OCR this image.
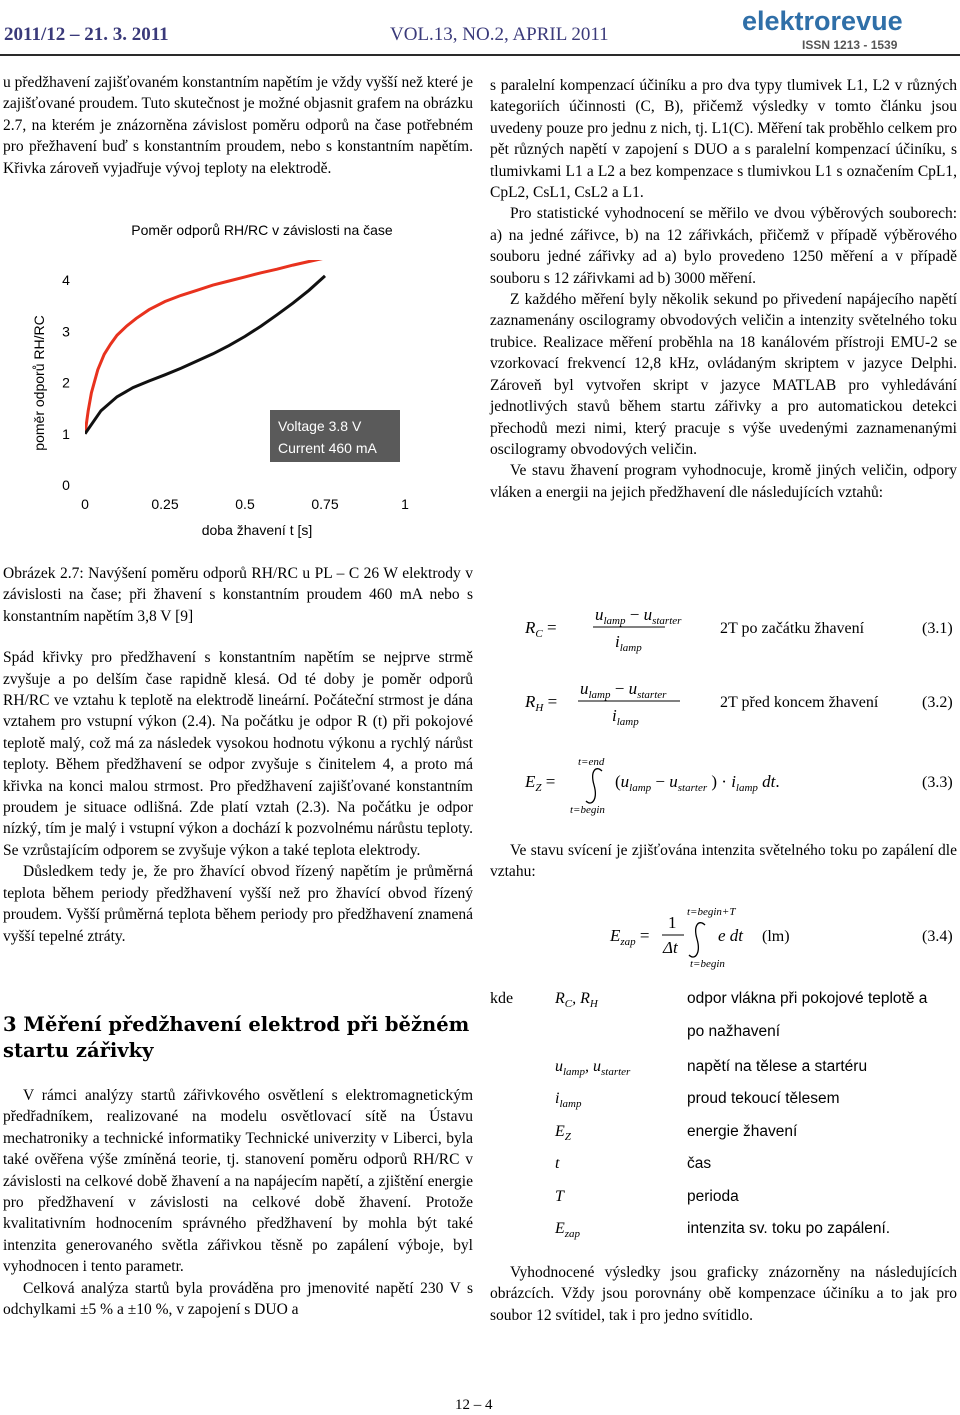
2011/12 – 21. 3. 2011	VOL.13, NO.2, APRIL 2011	elektrorevue
ISSN 1213 - 1539

u předžhavení zajišťovaném konstantním napětím je vždy vyšší než které je zajišťované proudem. Tuto skutečnost je možné objasnit grafem na obrázku 2.7, na kterém je znázorněna závislost poměru odporů na čase potřebném pro přežhavení buď s konstantním proudem, nebo s konstantním napětím. Křivka zároveň vyjadřuje vývoj teploty na elektrodě.

Poměr odporů RH/RC v závislosti na čase
poměr odporů RH/RC
doba žhavení t [s]
0
1
2
3
4
0	0.25	0.5	0.75	1
Voltage 3.8 V
Current 460 mA

Obrázek 2.7: Navýšení poměru odporů RH/RC u PL – C 26 W elektrody v závislosti na čase; při žhavení s konstantním proudem 460 mA nebo s konstantním napětím 3,8 V [9]

Spád křivky pro předžhavení s konstantním napětím se nejprve strmě zvyšuje a po delším čase rapidně klesá. Od té doby je poměr odporů RH/RC ve vztahu k teplotě na elektrodě lineární. Počáteční strmost je dána vztahem pro vstupní výkon (2.4). Na počátku je odpor R (t) při pokojové teplotě malý, což má za následek vysokou hodnotu výkonu a rychlý nárůst teploty. Během předžhavení se odpor zvyšuje s činitelem 4, a proto má křivka na konci malou strmost. Pro předžhavení zajišťované konstantním proudem je situace odlišná. Zde platí vztah (2.3). Na počátku je odpor nízký, tím je malý i vstupní výkon a dochází k pozvolnému nárůstu teploty. Se vzrůstajícím odporem se zvyšuje výkon a také teplota elektrody.

Důsledkem tedy je, že pro žhavící obvod řízený napětím je průměrná teplota během periody předžhavení vyšší než pro žhavící obvod řízený proudem. Vyšší průměrná teplota během periody pro předžhavení znamená vyšší tepelné ztráty.

3 Měření předžhavení elektrod při běžném startu zářivky

V rámci analýzy startů zářivkového osvětlení s elektromagnetickým předřadníkem, realizované na modelu osvětlovací sítě na Ústavu mechatroniky a technické informatiky Technické univerzity v Liberci, byla také ověřena výše zmíněná teorie, tj. stanovení poměru odporů RH/RC v závislosti na celkové době žhavení a na napájecím napětí, a zjištění energie pro předžhavení v závislosti na celkové době žhavení. Protože kvalitativním hodnocením správného předžhavení by mohla být také intenzita generovaného světla zářivkou těsně po zapálení výboje, byl vyhodnocen i tento parametr.

Celková analýza startů byla prováděna pro jmenovité napětí 230 V s odchylkami ±5 % a ±10 %, v zapojení s DUO a

s paralelní kompenzací účiníku a pro dva typy tlumivek L1, L2 v různých kategoriích účinnosti (C, B), přičemž výsledky v tomto článku jsou uvedeny pouze pro jednu z nich, tj. L1(C). Měření tak proběhlo celkem pro pět různých napětí v zapojení s DUO a s paralelní kompenzací účiníku, s tlumivkami L1 a L2 a bez kompenzace s tlumivkou L1 s označením CpL1, CpL2, CsL1, CsL2 a L1.

Pro statistické vyhodnocení se měřilo ve dvou výběrových souborech: a) na jedné zářivce, b) na 12 zářivkách, přičemž v případě výběrového souboru jedné zářivky ad a) bylo provedeno 1250 měření a v případě souboru s 12 zářivkami ad b) 3000 měření.

Z každého měření byly několik sekund po přivedení napájecího napětí zaznamenány oscilogramy obvodových veličin a intenzity světelného toku trubice. Realizace měření proběhla na 18 kanálovém přístroji EMU-2 se vzorkovací frekvencí 12,8 kHz, ovládaným skriptem v jazyce Delphi. Zároveň byl vytvořen skript v jazyce MATLAB pro vyhledávání jednotlivých stavů během startu zářivky a pro automatickou detekci přechodů mezi nimi, který pracuje s výše uvedenými zaznamenanými oscilogramy obvodových veličin.

Ve stavu žhavení program vyhodnocuje, kromě jiných veličin, odpory vláken a energii na jejich předžhavení dle následujících vztahů:

$R_C$ =
$u_{lamp} - u_{starter}$
$i_{lamp}$
2T po začátku žhavení	(3.1)
$R_H$ =
$u_{lamp} - u_{starter}$
$i_{lamp}$
2T před koncem žhavení	(3.2)
t=end
$E_Z$ =	($u_{lamp} - u_{starter}$ ) · $i_{lamp}$ dt.
t=begin
(3.3)

Ve stavu svícení je zjišťována intenzita světelného toku po zapálení dle vztahu:

t=begin+T
$E_{zap}$ =
1
Δt
e dt
t=begin
(lm)	(3.4)
kde	$R_C$, $R_H$	odpor vlákna při pokojové teplotě a
po nažhavení
$u_{lamp}$, $u_{starter}$	napětí na tělese a startéru
$i_{lamp}$	proud tekoucí tělesem
$E_Z$	energie žhavení
t	čas
T	perioda
$E_{zap}$	intenzita sv. toku po zapálení.

Vyhodnocené výsledky jsou graficky znázorněny na následujících obrázcích. Vždy jsou porovnány obě kompenzace účiníku a to jak pro soubor 12 svítidel, tak i pro jedno svítidlo.

12 – 4
